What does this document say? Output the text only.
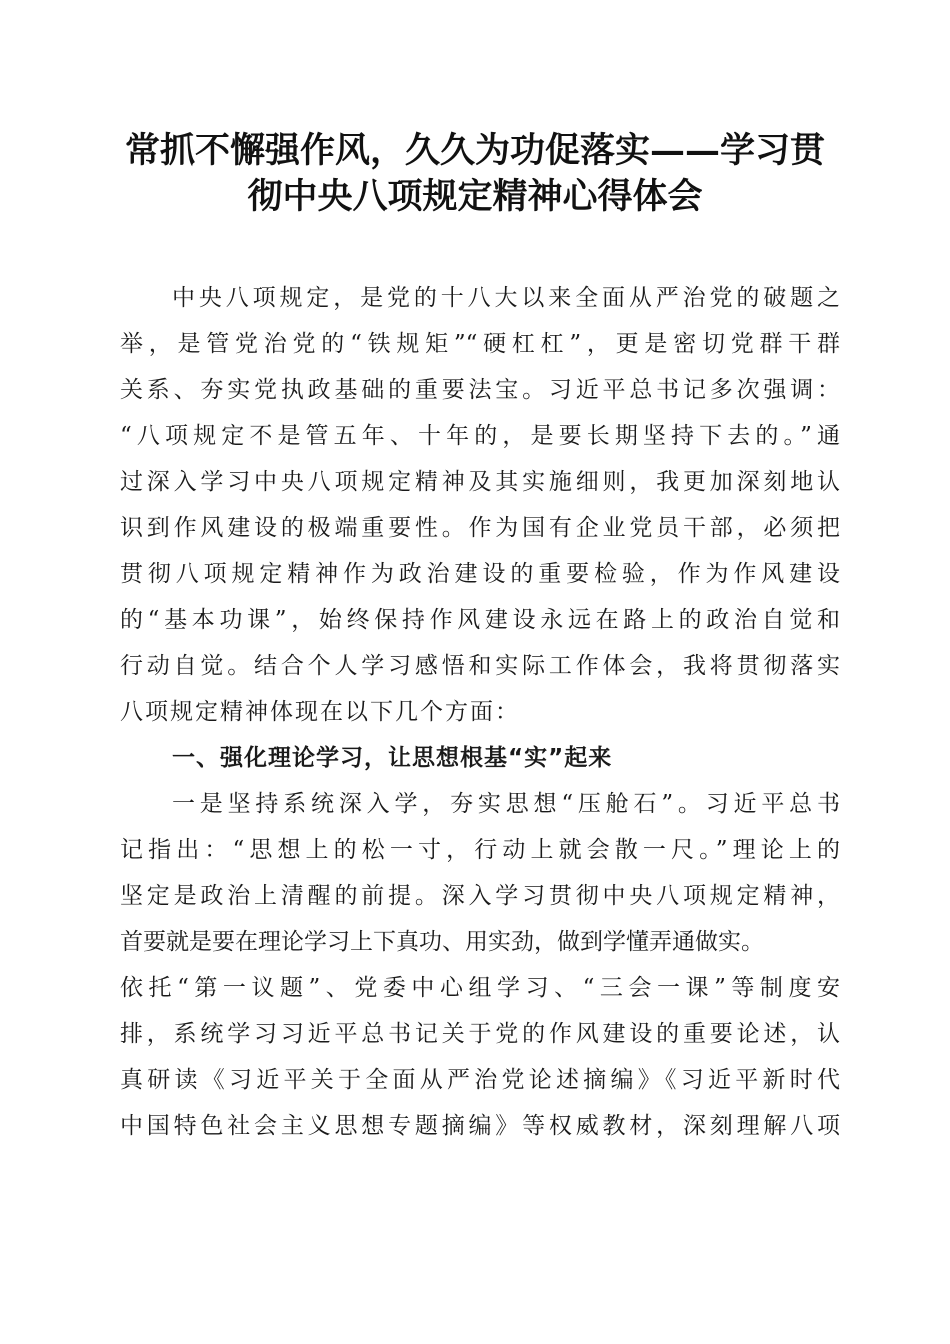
常抓不懈强作风，久久为功促落实——学习贯
彻中央八项规定精神心得体会
中央八项规定，是党的十八大以来全面从严治党的破题之
举，是管党治党的“铁规矩”“硬杠杠”，更是密切党群干群
关系、夯实党执政基础的重要法宝。习近平总书记多次强调：
“八项规定不是管五年、十年的，是要长期坚持下去的。”通
过深入学习中央八项规定精神及其实施细则，我更加深刻地认
识到作风建设的极端重要性。作为国有企业党员干部，必须把
贯彻八项规定精神作为政治建设的重要检验，作为作风建设
的“基本功课”，始终保持作风建设永远在路上的政治自觉和
行动自觉。结合个人学习感悟和实际工作体会，我将贯彻落实
八项规定精神体现在以下几个方面：
一、强化理论学习，让思想根基“实”起来
一是坚持系统深入学，夯实思想“压舱石”。习近平总书
记指出：“思想上的松一寸，行动上就会散一尺。”理论上的
坚定是政治上清醒的前提。深入学习贯彻中央八项规定精神，
首要就是要在理论学习上下真功、用实劲，做到学懂弄通做实。
依托“第一议题”、党委中心组学习、“三会一课”等制度安
排，系统学习习近平总书记关于党的作风建设的重要论述，认
真研读《习近平关于全面从严治党论述摘编》《习近平新时代
中国特色社会主义思想专题摘编》等权威教材，深刻理解八项
